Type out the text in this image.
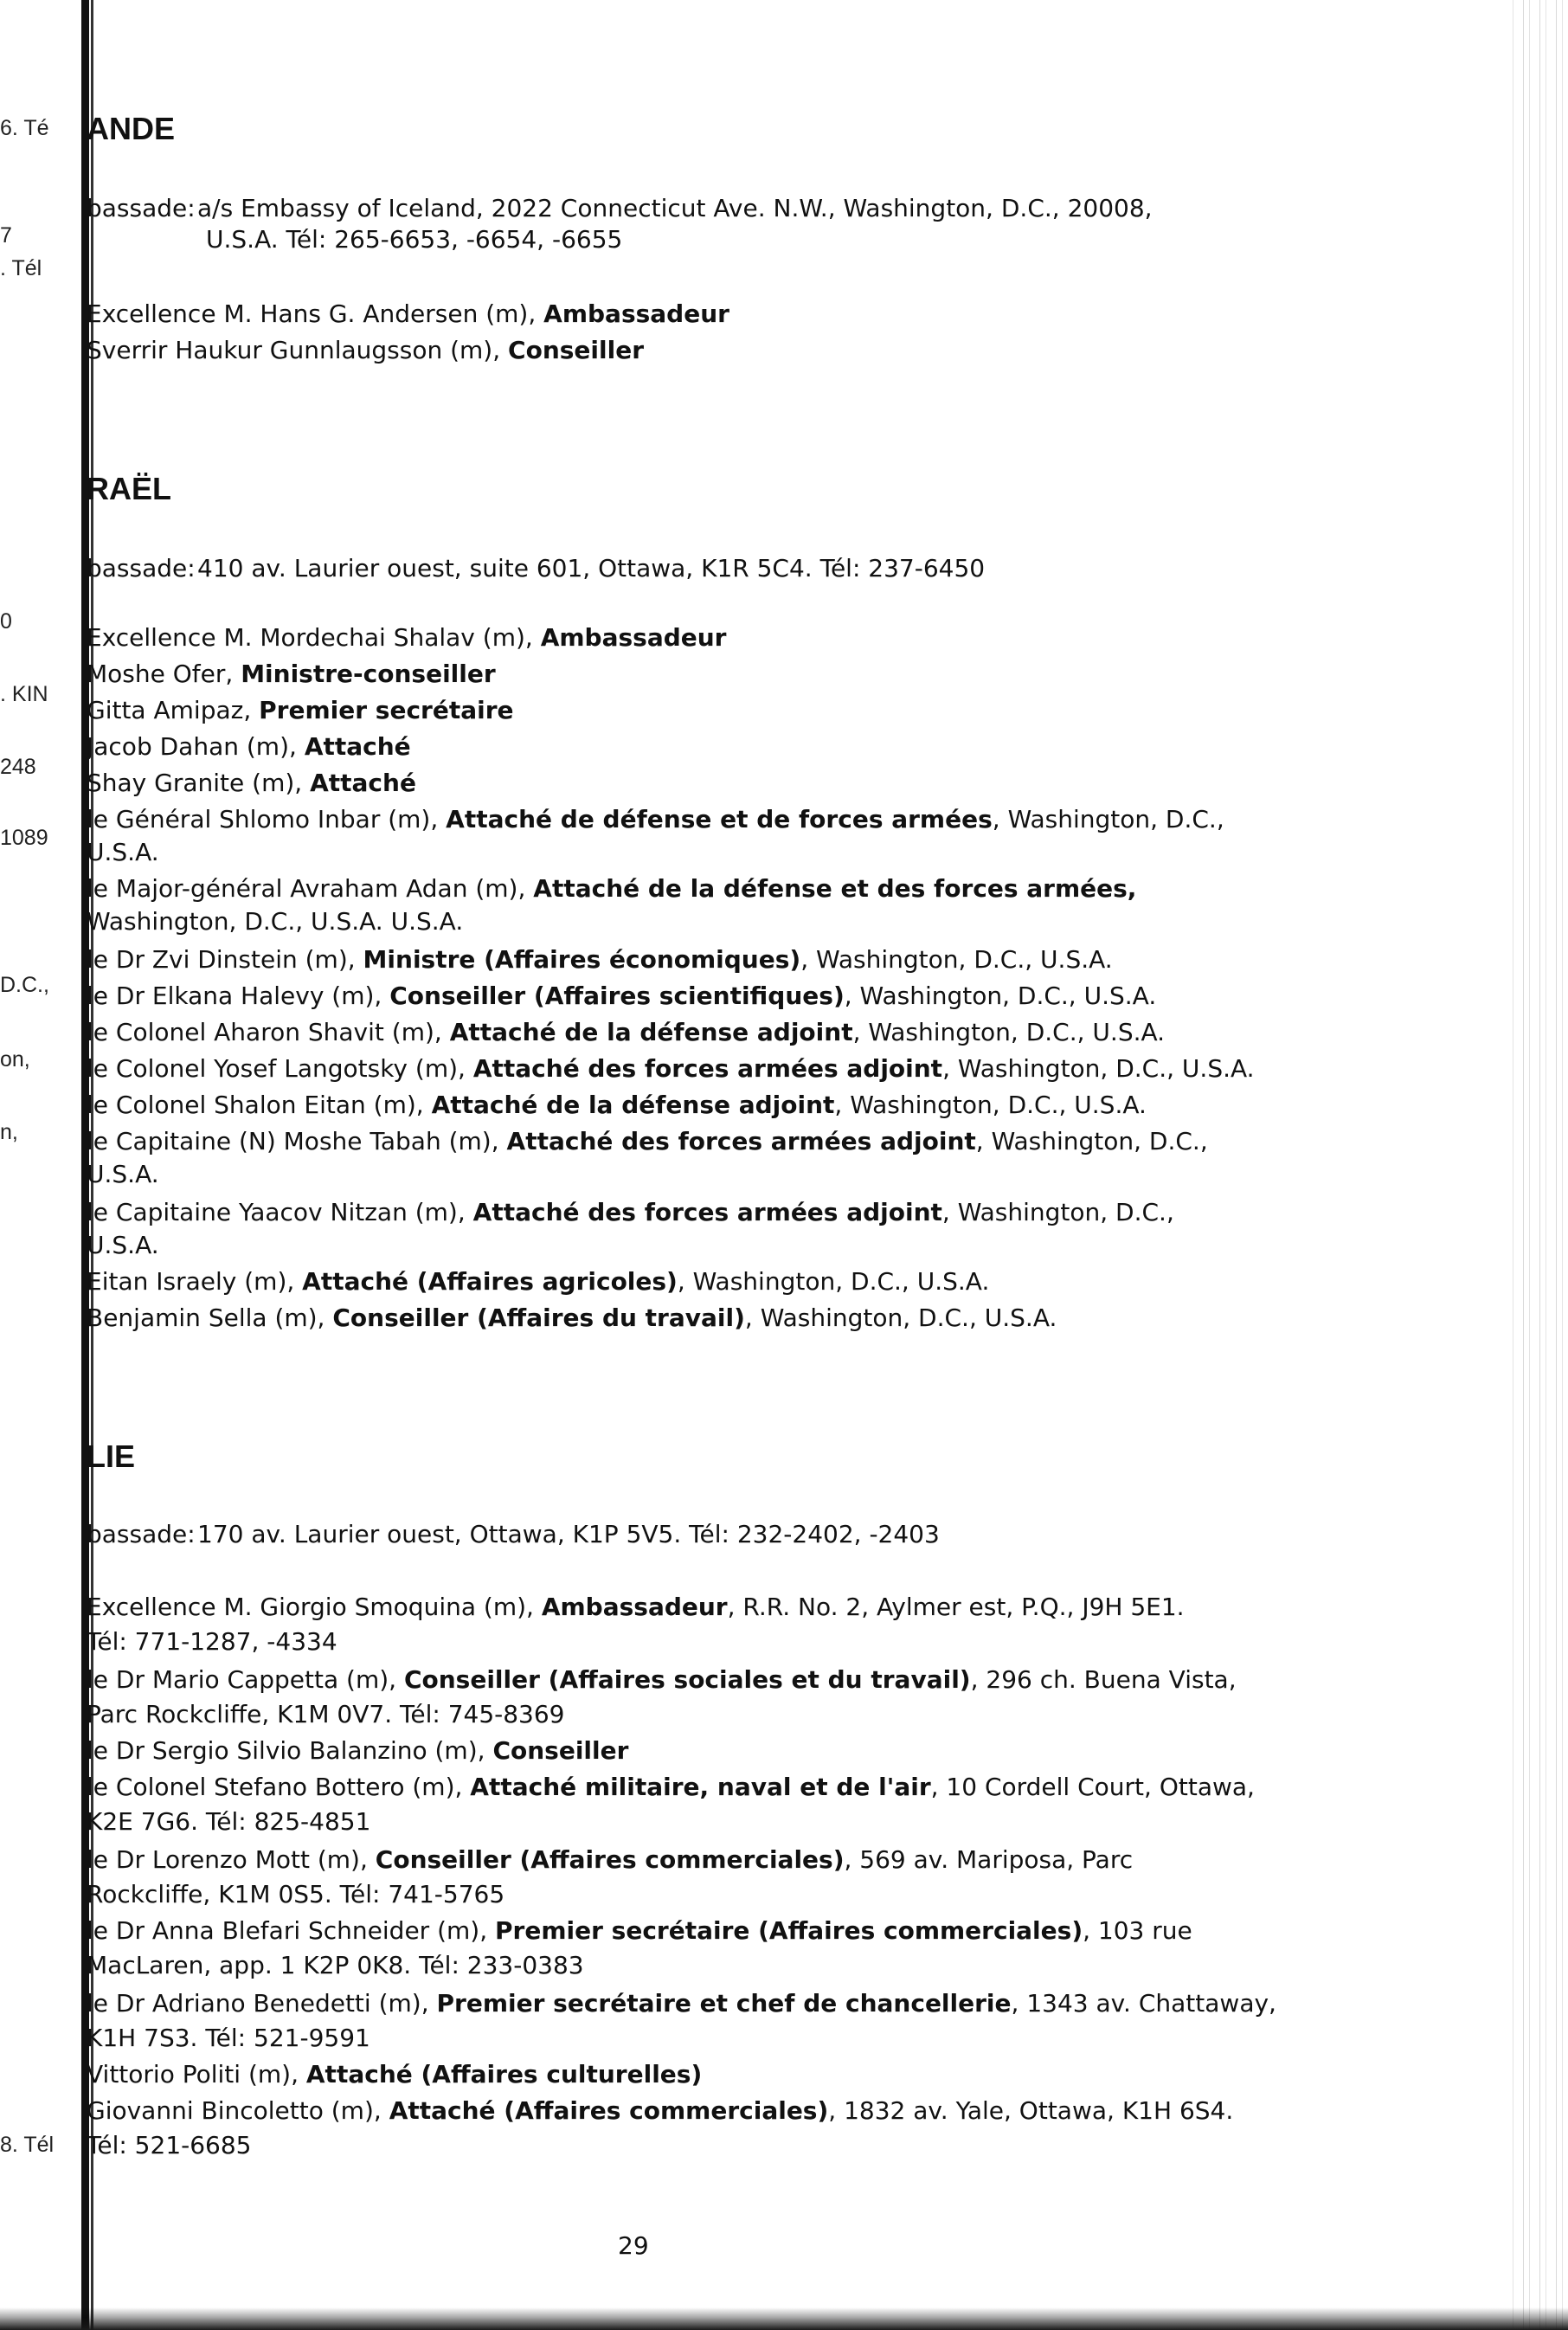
6. Té
7
. Tél
0
. KIN
248
1089
D.C.,
on,
n,
8. Tél
ANDE
bassade:a/s Embassy of Iceland, 2022 Connecticut Ave. N.W., Washington, D.C., 20008,
U.S.A. Tél: 265-6653, -6654, -6655
Excellence M. Hans G. Andersen (m), Ambassadeur
Sverrir Haukur Gunnlaugsson (m), Conseiller
RAËL
bassade:410 av. Laurier ouest, suite 601, Ottawa, K1R 5C4. Tél: 237-6450
Excellence M. Mordechai Shalav (m), Ambassadeur
Moshe Ofer, Ministre-conseiller
Gitta Amipaz, Premier secrétaire
Jacob Dahan (m), Attaché
Shay Granite (m), Attaché
le Général Shlomo Inbar (m), Attaché de défense et de forces armées, Washington, D.C.,
U.S.A.
le Major-général Avraham Adan (m), Attaché de la défense et des forces armées,
Washington, D.C., U.S.A. U.S.A.
le Dr Zvi Dinstein (m), Ministre (Affaires économiques), Washington, D.C., U.S.A.
le Dr Elkana Halevy (m), Conseiller (Affaires scientifiques), Washington, D.C., U.S.A.
le Colonel Aharon Shavit (m), Attaché de la défense adjoint, Washington, D.C., U.S.A.
le Colonel Yosef Langotsky (m), Attaché des forces armées adjoint, Washington, D.C., U.S.A.
le Colonel Shalon Eitan (m), Attaché de la défense adjoint, Washington, D.C., U.S.A.
le Capitaine (N) Moshe Tabah (m), Attaché des forces armées adjoint, Washington, D.C.,
U.S.A.
le Capitaine Yaacov Nitzan (m), Attaché des forces armées adjoint, Washington, D.C.,
U.S.A.
Eitan Israely (m), Attaché (Affaires agricoles), Washington, D.C., U.S.A.
Benjamin Sella (m), Conseiller (Affaires du travail), Washington, D.C., U.S.A.
LIE
bassade:170 av. Laurier ouest, Ottawa, K1P 5V5. Tél: 232-2402, -2403
Excellence M. Giorgio Smoquina (m), Ambassadeur, R.R. No. 2, Aylmer est, P.Q., J9H 5E1.
Tél: 771-1287, -4334
le Dr Mario Cappetta (m), Conseiller (Affaires sociales et du travail), 296 ch. Buena Vista,
Parc Rockcliffe, K1M 0V7. Tél: 745-8369
le Dr Sergio Silvio Balanzino (m), Conseiller
le Colonel Stefano Bottero (m), Attaché militaire, naval et de l'air, 10 Cordell Court, Ottawa,
K2E 7G6. Tél: 825-4851
le Dr Lorenzo Mott (m), Conseiller (Affaires commerciales), 569 av. Mariposa, Parc
Rockcliffe, K1M 0S5. Tél: 741-5765
le Dr Anna Blefari Schneider (m), Premier secrétaire (Affaires commerciales), 103 rue
MacLaren, app. 1 K2P 0K8. Tél: 233-0383
le Dr Adriano Benedetti (m), Premier secrétaire et chef de chancellerie, 1343 av. Chattaway,
K1H 7S3. Tél: 521-9591
Vittorio Politi (m), Attaché (Affaires culturelles)
Giovanni Bincoletto (m), Attaché (Affaires commerciales), 1832 av. Yale, Ottawa, K1H 6S4.
Tél: 521-6685
29
